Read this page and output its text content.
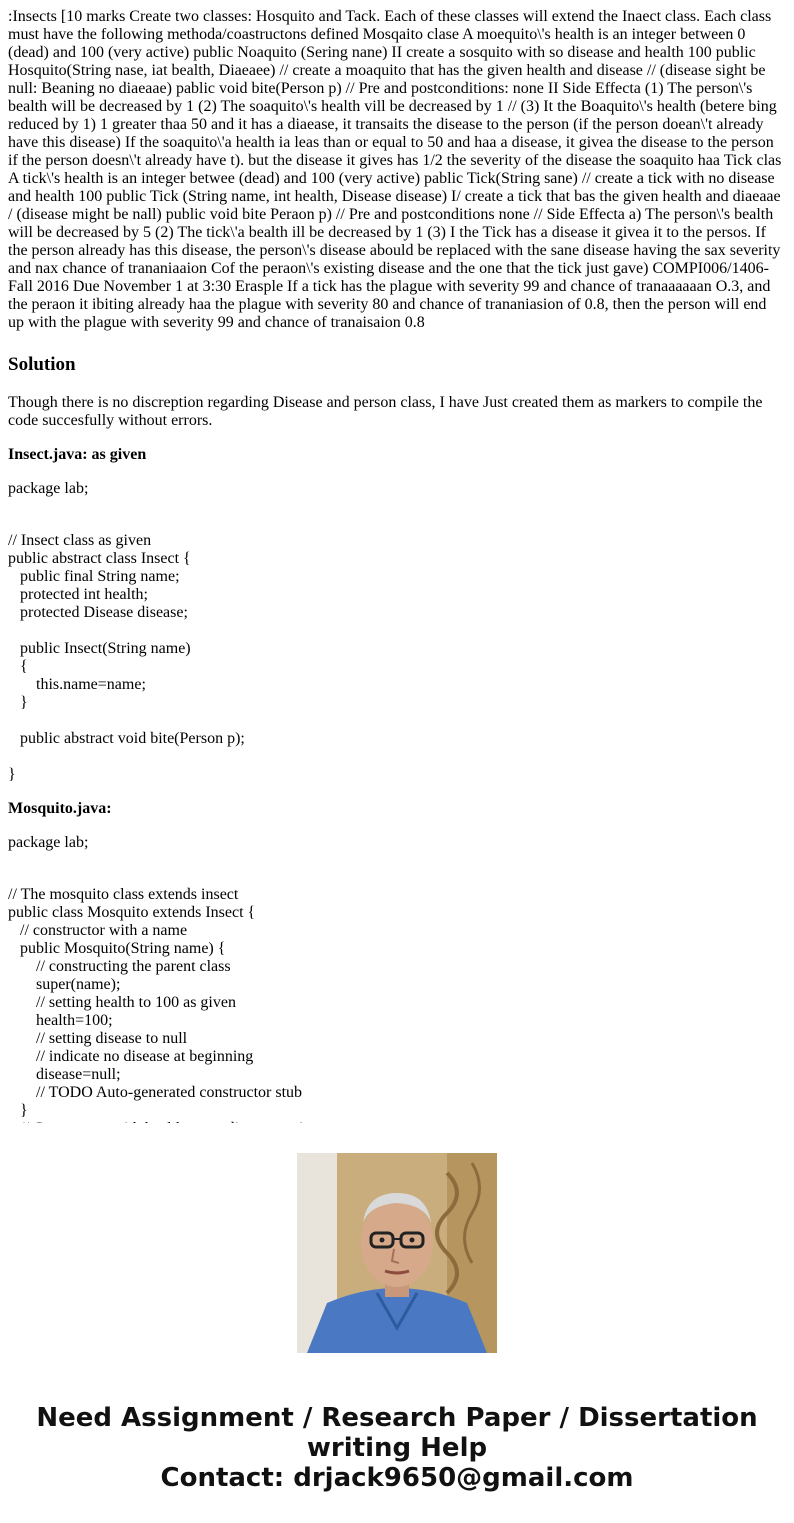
:Insects [10 marks Create two classes: Hosquito and Tack. Each of these classes will extend the Inaect class. Each class must have the following methoda/coastructons defined Mosqaito clase A moequito\'s health is an integer between 0 (dead) and 100 (very active) public Noaquito (Sering nane) II create a sosquito with so disease and health 100 public Hosquito(String nase, iat bealth, Diaeaee) // create a moaquito that has the given health and disease // (disease sight be null: Beaning no diaeaae) pablic void bite(Person p) // Pre and postconditions: none II Side Effecta (1) The person\'s bealth will be decreased by 1 (2) The soaquito\'s health vill be decreased by 1 // (3) It the Boaquito\'s health (betere bing reduced by 1) 1 greater thaa 50 and it has a diaease, it transaits the disease to the person (if the person doean\'t already have this disease) If the soaquito\'a health ia leas than or equal to 50 and haa a disease, it givea the disease to the person if the person doesn\'t already have t). but the disease it gives has 1/2 the severity of the disease the soaquito haa Tick clas A tick\'s health is an integer betwee (dead) and 100 (very active) pablic Tick(String sane) // create a tick with no disease and health 100 public Tick (String name, int health, Disease disease) I/ create a tick that bas the given health and diaeaae / (disease might be nall) public void bite Peraon p) // Pre and postconditions none // Side Effecta a) The person\'s bealth will be decreased by 5 (2) The tick\'a bealth ill be decreased by 1 (3) I the Tick has a disease it givea it to the persos. If the person already has this disease, the person\'s disease abould be replaced with the sane disease having the sax severity and nax chance of trananiaaion Cof the peraon\'s existing disease and the one that the tick just gave) COMPI006/1406-Fall 2016 Due November 1 at 3:30 Erasple If a tick has the plague with severity 99 and chance of tranaaaaaan O.3, and the peraon it ibiting already haa the plague with severity 80 and chance of trananiasion of 0.8, then the person will end up with the plague with severity 99 and chance of tranaisaion 0.8

Solution

Though there is no discreption regarding Disease and person class, I have Just created them as markers to compile the code succesfully without errors.

Insect.java: as given

package lab;

// Insect class as given
public abstract class Insect {
public final String name;
protected int health;
protected Disease disease;

public Insect(String name)
{
this.name=name;
}

public abstract void bite(Person p);

}

Mosquito.java:

package lab;

// The mosquito class extends insect
public class Mosquito extends Insect {
// constructor with a name
public Mosquito(String name) {
// constructing the parent class
super(name);
// setting health to 100 as given
health=100;
// setting disease to null
// indicate no disease at beginning
disease=null;
// TODO Auto-generated constructor stub
}

Need Assignment / Research Paper / Dissertation
writing Help
Contact: drjack9650@gmail.com
